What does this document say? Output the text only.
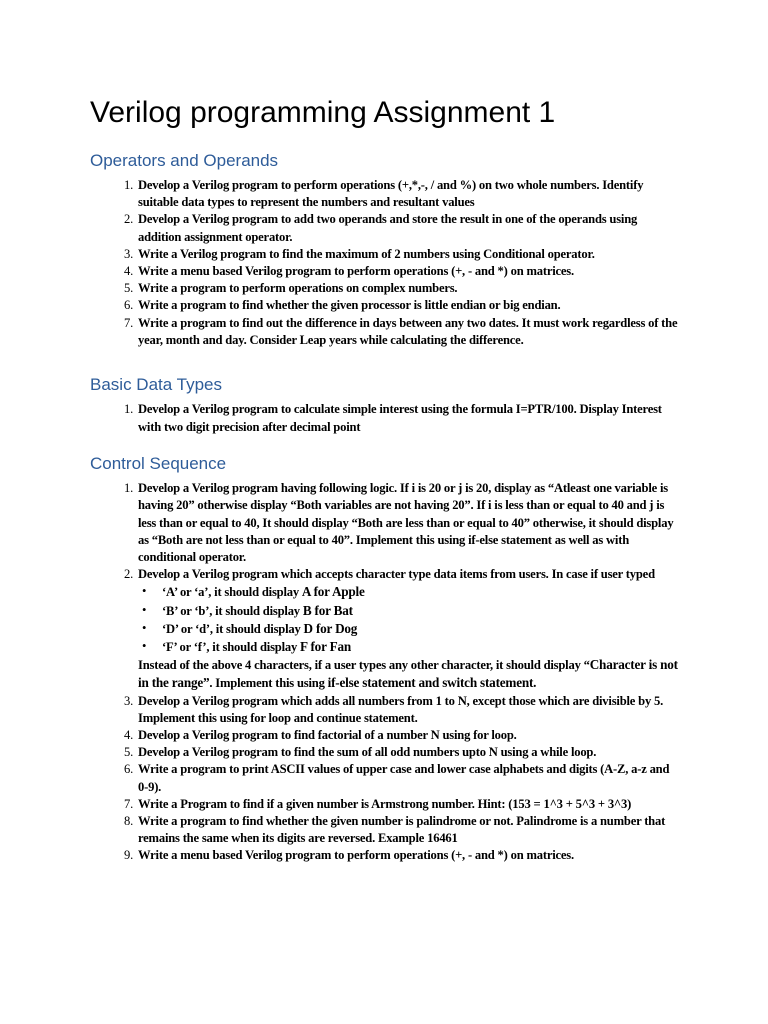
Verilog programming Assignment 1
Operators and Operands
1. Develop a Verilog program to perform operations (+,*,-, / and %) on two whole numbers. Identify suitable data types to represent the numbers and resultant values
2. Develop a Verilog program to add two operands and store the result in one of the operands using addition assignment operator.
3. Write a Verilog program to find the maximum of 2 numbers using Conditional operator.
4. Write a menu based Verilog program to perform operations (+, - and *) on matrices.
5. Write a program to perform operations on complex numbers.
6. Write a program to find whether the given processor is little endian or big endian.
7. Write a program to find out the difference in days between any two dates. It must work regardless of the year, month and day. Consider Leap years while calculating the difference.
Basic Data Types
1. Develop a Verilog program to calculate simple interest using the formula I=PTR/100. Display Interest with two digit precision after decimal point
Control Sequence
1. Develop a Verilog program having following logic. If i is 20 or j is 20, display as “Atleast one variable is having 20” otherwise display “Both variables are not having 20”. If i is less than or equal to 40 and j is less than or equal to 40, It should display “Both are less than or equal to 40” otherwise, it should display as “Both are not less than or equal to 40”. Implement this using if-else statement as well as with conditional operator.
2. Develop a Verilog program which accepts character type data items from users. In case if user typed
• ‘A’ or ‘a’, it should display A for Apple
• ‘B’ or ‘b’, it should display B for Bat
• ‘D’ or ‘d’, it should display D for Dog
• ‘F’ or ‘f’, it should display F for Fan
Instead of the above 4 characters, if a user types any other character, it should display “Character is not in the range”. Implement this using if-else statement and switch statement.
3. Develop a Verilog program which adds all numbers from 1 to N, except those which are divisible by 5. Implement this using for loop and continue statement.
4. Develop a Verilog program to find factorial of a number N using for loop.
5. Develop a Verilog program to find the sum of all odd numbers upto N using a while loop.
6. Write a program to print ASCII values of upper case and lower case alphabets and digits (A-Z, a-z and 0-9).
7. Write a Program to find if a given number is Armstrong number. Hint: (153 = 1^3 + 5^3 + 3^3)
8. Write a program to find whether the given number is palindrome or not. Palindrome is a number that remains the same when its digits are reversed. Example 16461
9. Write a menu based Verilog program to perform operations (+, - and *) on matrices.
